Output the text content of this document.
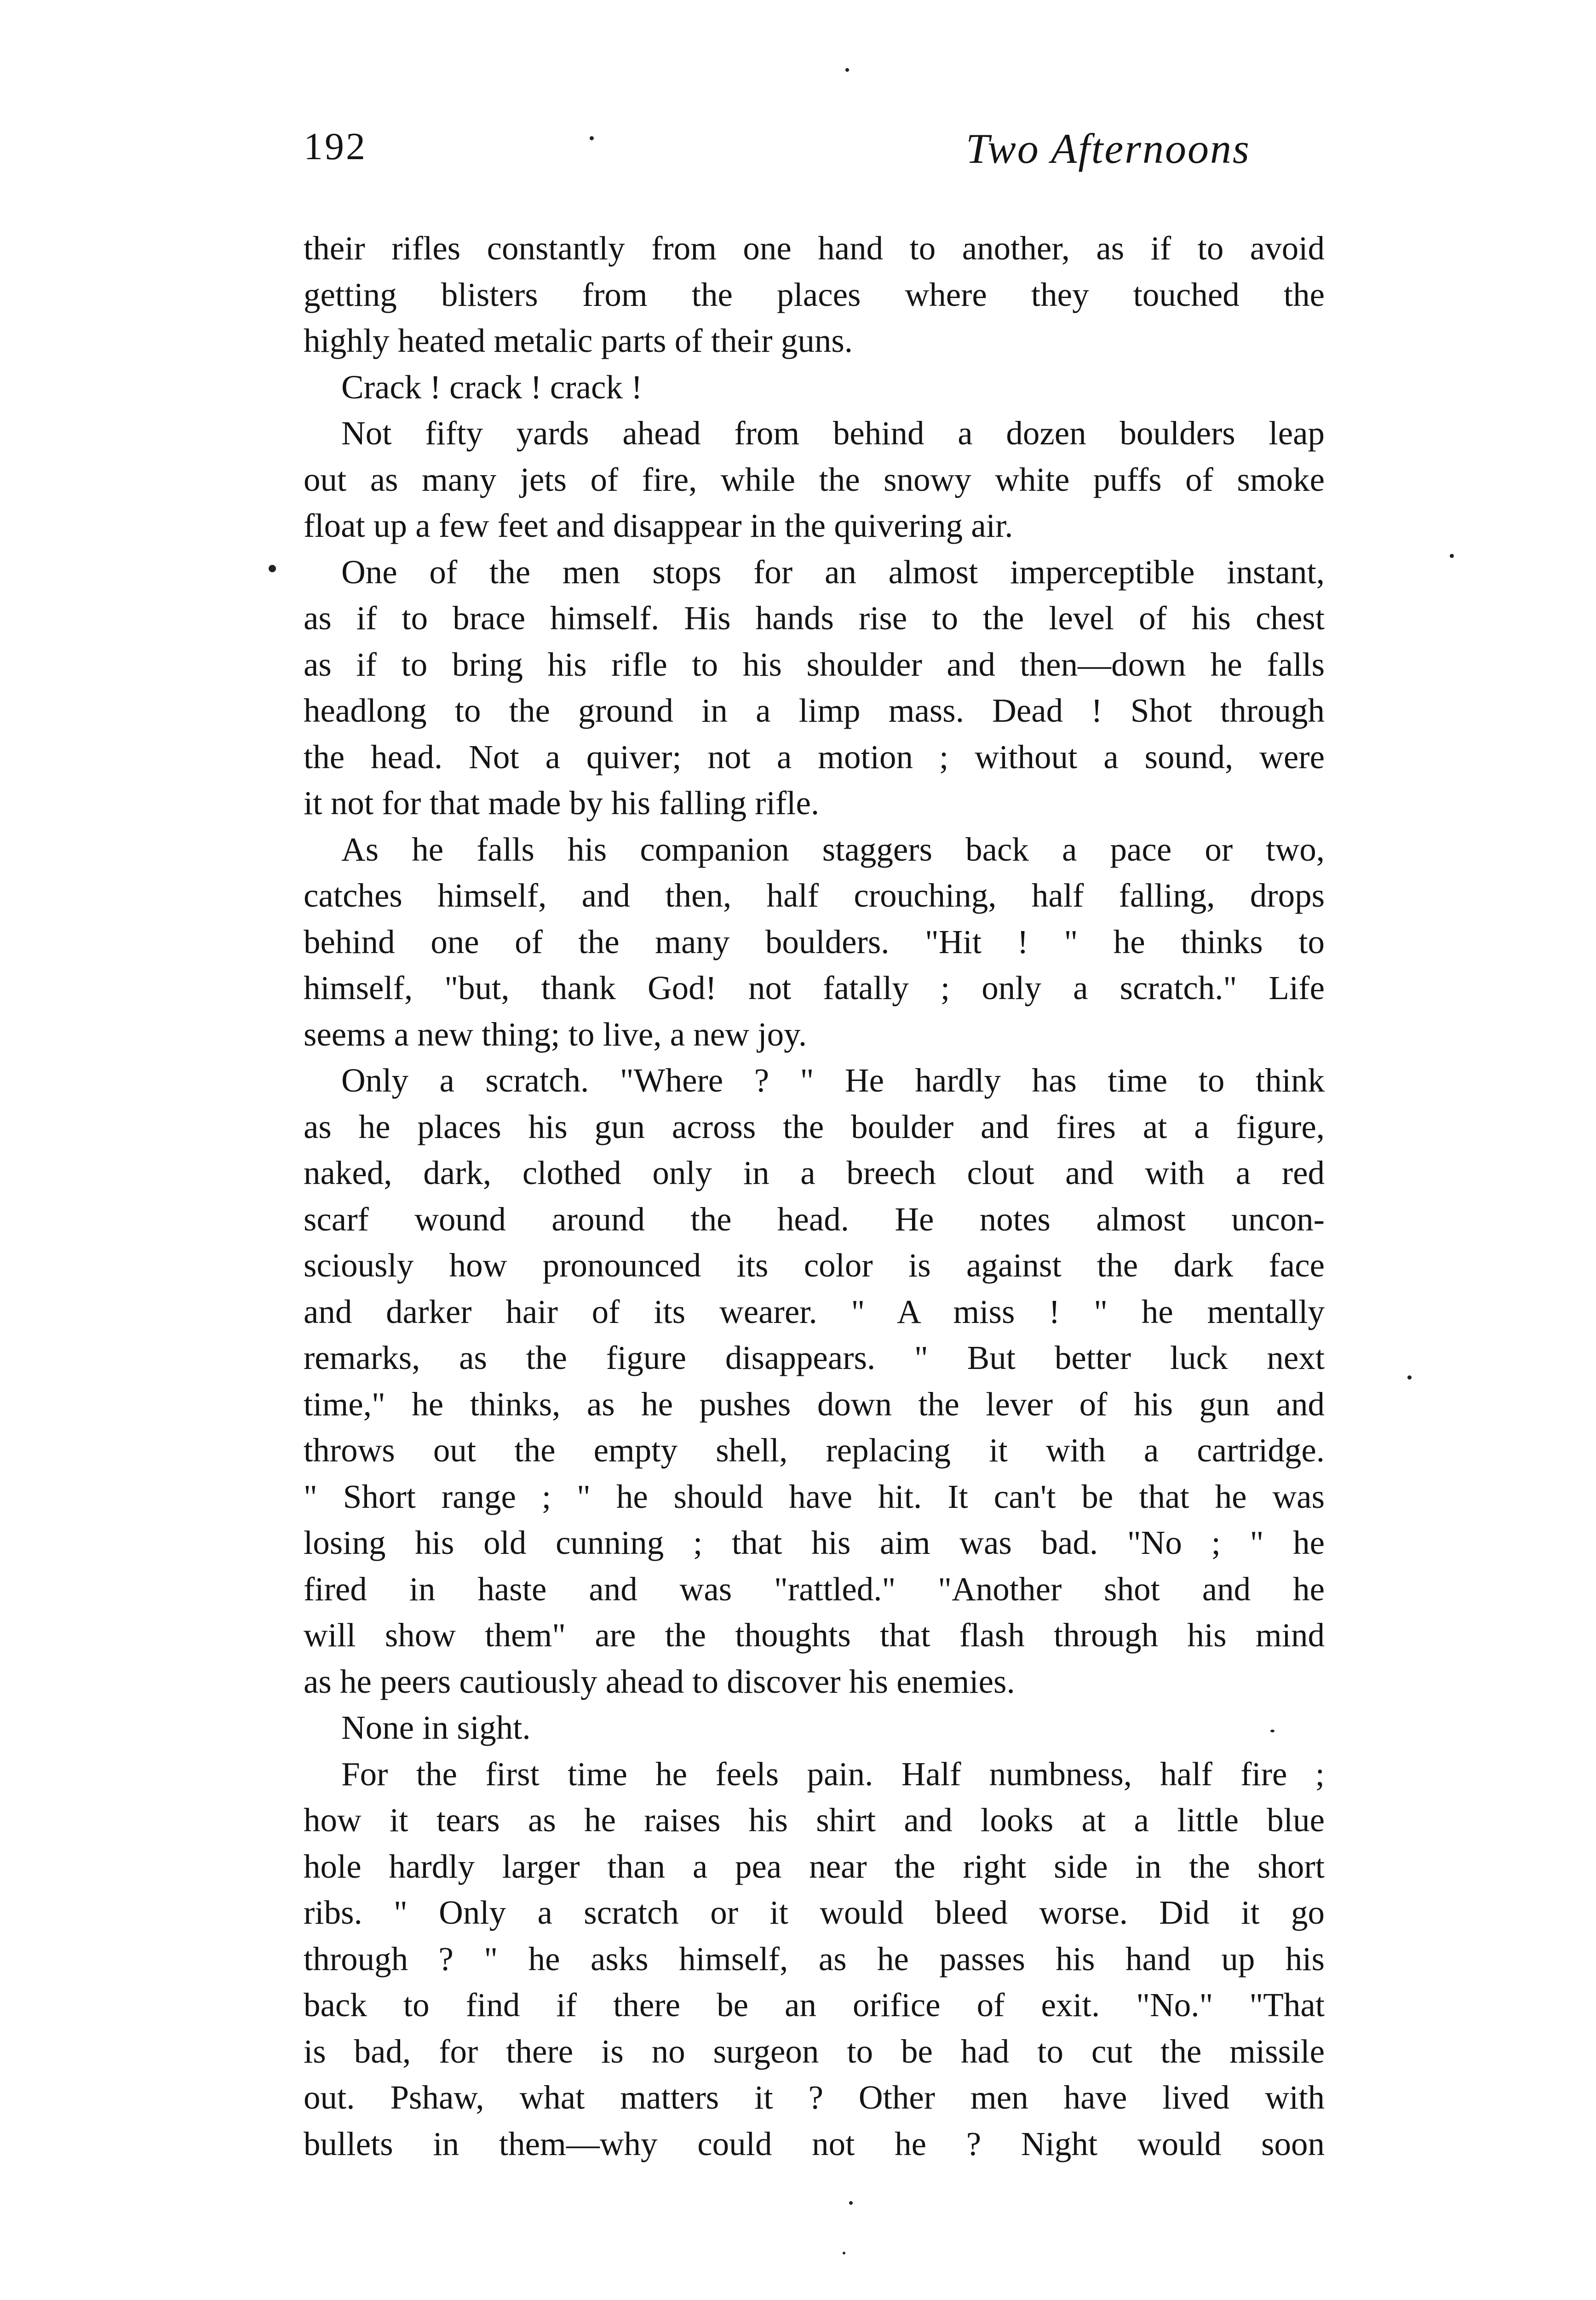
192	Two Afternoons
their rifles constantly from one hand to another, as if to avoid
getting blisters from the places where they touched the
highly heated metalic parts of their guns.
Crack ! crack ! crack !
Not fifty yards ahead from behind a dozen boulders leap
out as many jets of fire, while the snowy white puffs of smoke
float up a few feet and disappear in the quivering air.
One of the men stops for an almost imperceptible instant,
as if to brace himself. His hands rise to the level of his chest
as if to bring his rifle to his shoulder and then—down he falls
headlong to the ground in a limp mass. Dead ! Shot through
the head. Not a quiver; not a motion ; without a sound, were
it not for that made by his falling rifle.
As he falls his companion staggers back a pace or two,
catches himself, and then, half crouching, half falling, drops
behind one of the many boulders. "Hit ! " he thinks to
himself, "but, thank God! not fatally ; only a scratch." Life
seems a new thing; to live, a new joy.
Only a scratch. "Where ? " He hardly has time to think
as he places his gun across the boulder and fires at a figure,
naked, dark, clothed only in a breech clout and with a red
scarf wound around the head. He notes almost uncon-
sciously how pronounced its color is against the dark face
and darker hair of its wearer. " A miss ! " he mentally
remarks, as the figure disappears. " But better luck next
time," he thinks, as he pushes down the lever of his gun and
throws out the empty shell, replacing it with a cartridge.
" Short range ; " he should have hit. It can't be that he was
losing his old cunning ; that his aim was bad. "No ; " he
fired in haste and was "rattled." "Another shot and he
will show them" are the thoughts that flash through his mind
as he peers cautiously ahead to discover his enemies.
None in sight.
For the first time he feels pain. Half numbness, half fire ;
how it tears as he raises his shirt and looks at a little blue
hole hardly larger than a pea near the right side in the short
ribs. " Only a scratch or it would bleed worse. Did it go
through ? " he asks himself, as he passes his hand up his
back to find if there be an orifice of exit. "No." "That
is bad, for there is no surgeon to be had to cut the missile
out. Pshaw, what matters it ? Other men have lived with
bullets in them—why could not he ? Night would soon
